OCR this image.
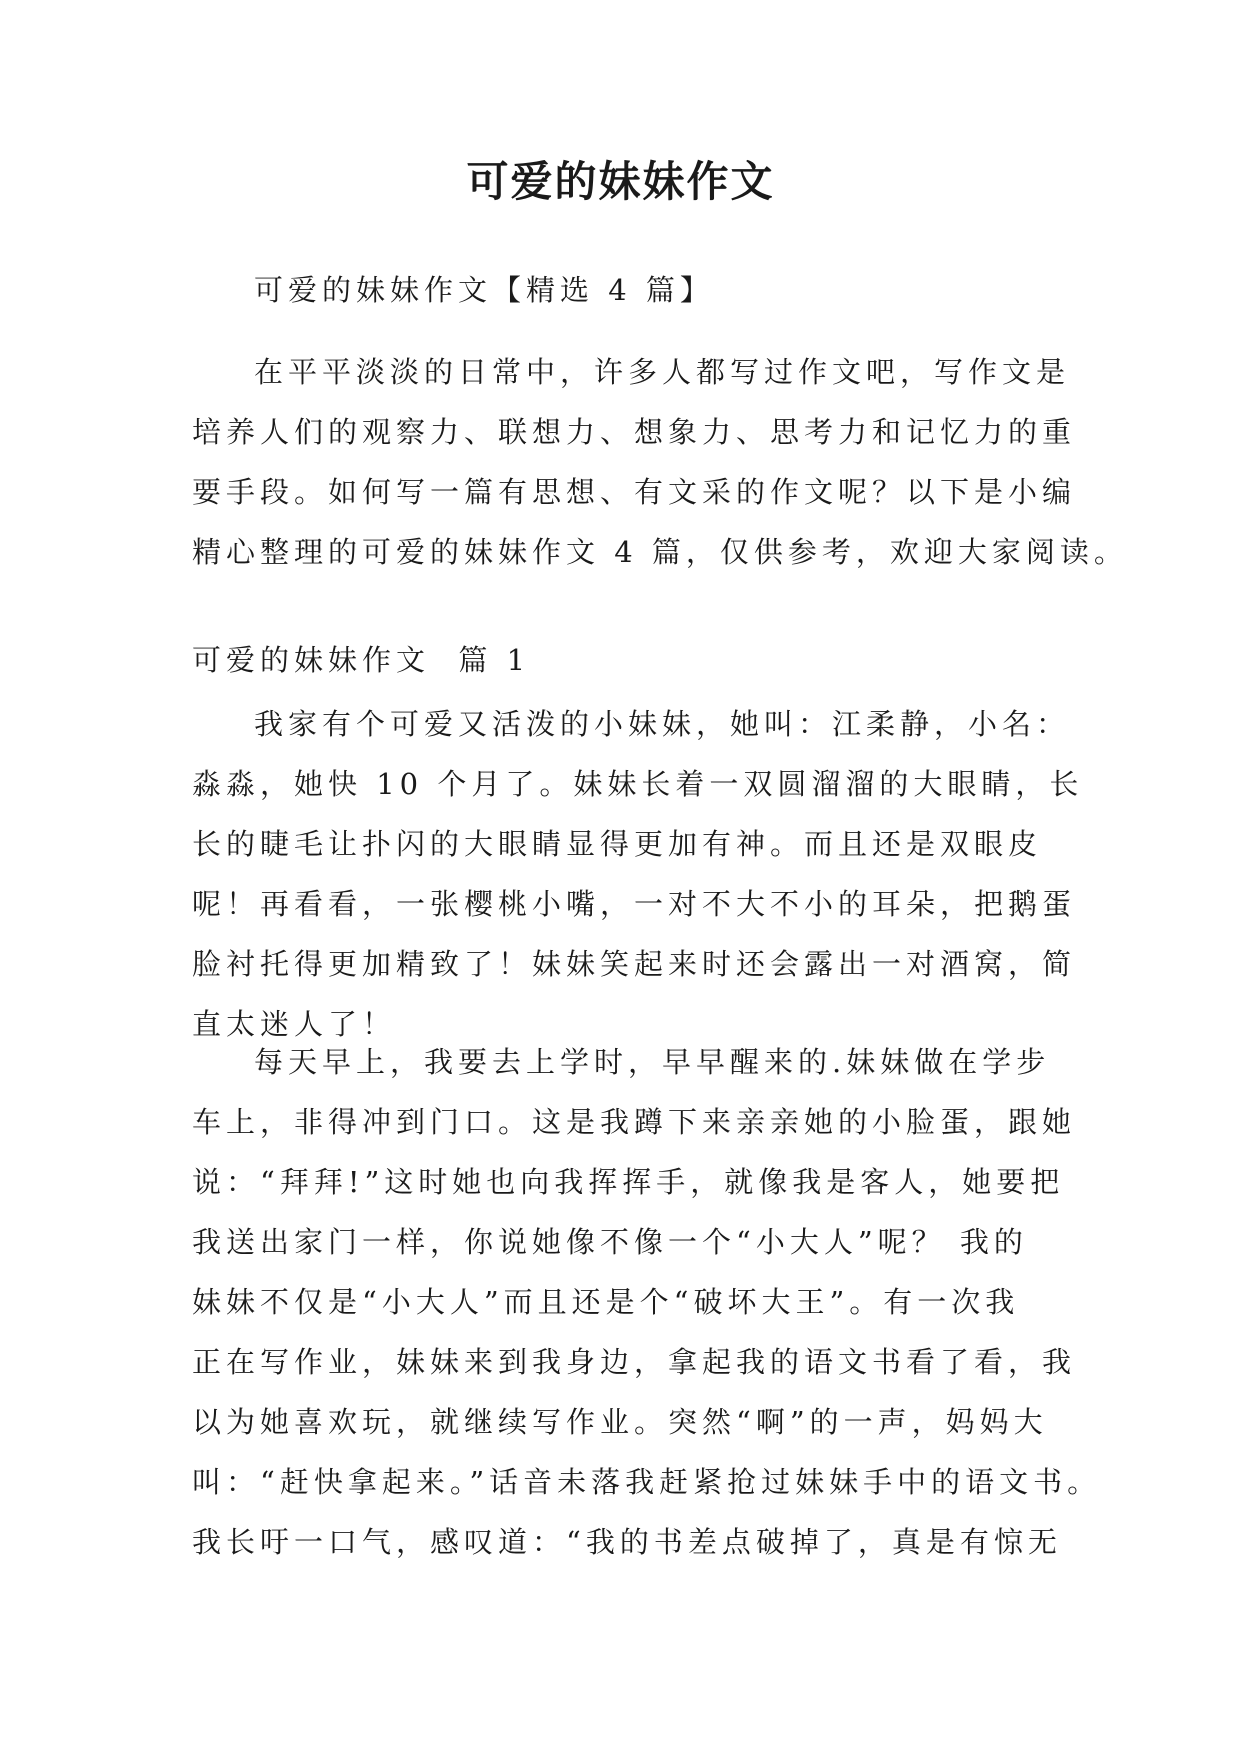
可爱的妹妹作文

可爱的妹妹作文【精选 4 篇】

在平平淡淡的日常中，许多人都写过作文吧，写作文是
培养人们的观察力、联想力、想象力、思考力和记忆力的重
要手段。如何写一篇有思想、有文采的作文呢？以下是小编
精心整理的可爱的妹妹作文 4 篇，仅供参考，欢迎大家阅读。

可爱的妹妹作文  篇 1

我家有个可爱又活泼的小妹妹，她叫：江柔静，小名：
淼淼，她快 10 个月了。妹妹长着一双圆溜溜的大眼睛，长
长的睫毛让扑闪的大眼睛显得更加有神。而且还是双眼皮
呢！再看看，一张樱桃小嘴，一对不大不小的耳朵，把鹅蛋
脸衬托得更加精致了！妹妹笑起来时还会露出一对酒窝，简
直太迷人了！

每天早上，我要去上学时，早早醒来的.妹妹做在学步
车上，非得冲到门口。这是我蹲下来亲亲她的小脸蛋，跟她
说：“拜拜!”这时她也向我挥挥手，就像我是客人，她要把
我送出家门一样，你说她像不像一个“小大人”呢？ 我的
妹妹不仅是“小大人”而且还是个“破坏大王”。有一次我
正在写作业，妹妹来到我身边，拿起我的语文书看了看，我
以为她喜欢玩，就继续写作业。突然“啊”的一声，妈妈大
叫：“赶快拿起来。”话音未落我赶紧抢过妹妹手中的语文书。
我长吁一口气，感叹道：“我的书差点破掉了，真是有惊无
